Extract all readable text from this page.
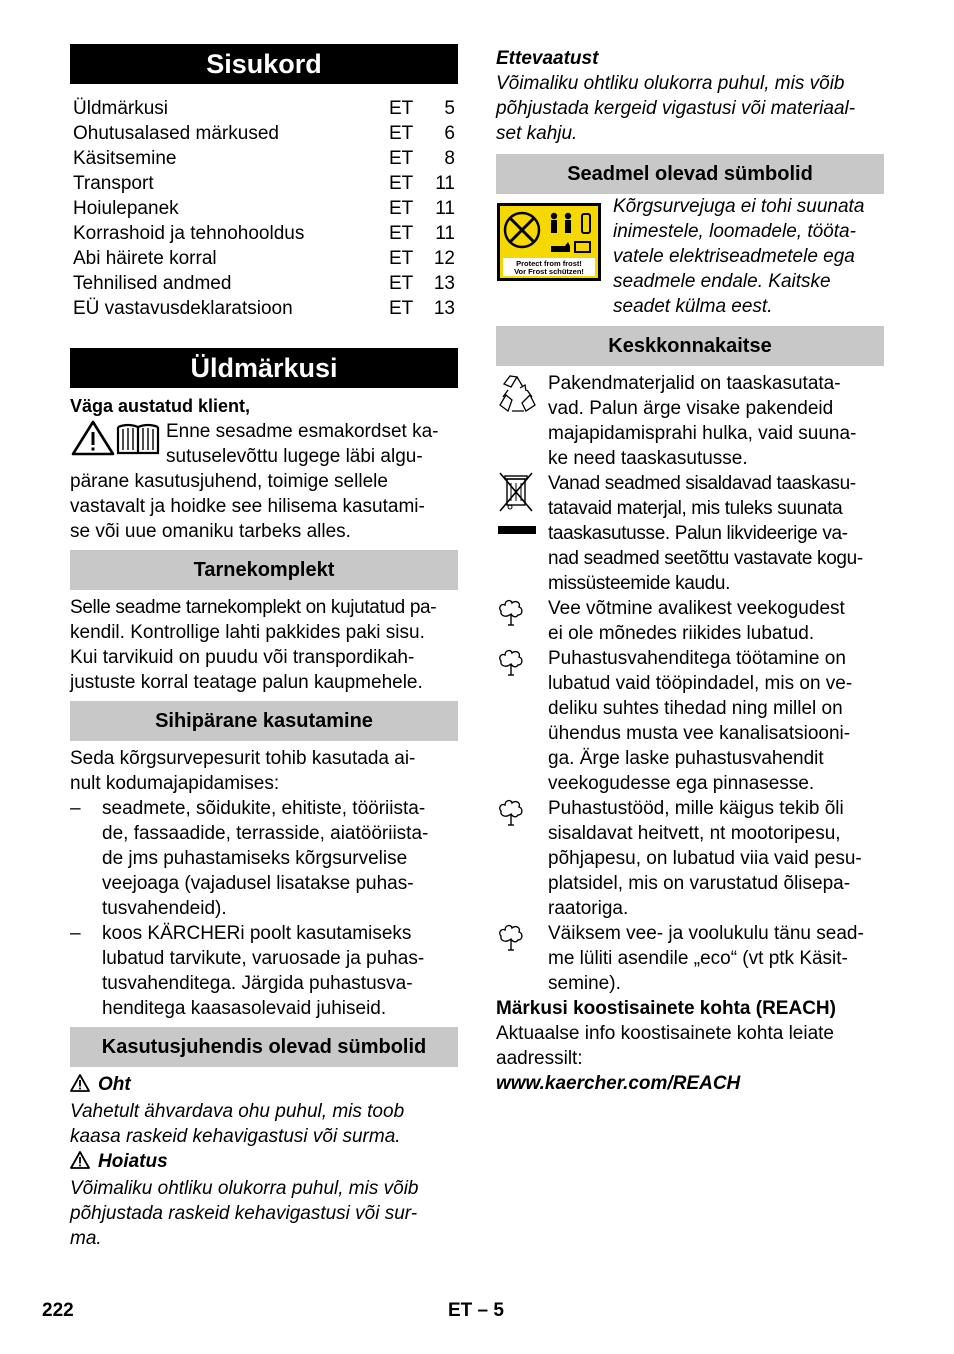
Sisukord
Üldmärkusi	ET	5
Ohutusalased märkused	ET	6
Käsitsemine	ET	8
Transport	ET	11
Hoiulepanek	ET	11
Korrashoid ja tehnohooldus	ET	11
Abi häirete korral	ET	12
Tehnilised andmed	ET	13
EÜ vastavusdeklaratsioon	ET	13
Üldmärkusi

Väga austatud klient,

Enne sesadme esmakordset ka-

sutuselevõttu lugege läbi algu-

pärane kasutusjuhend, toimige sellele

vastavalt ja hoidke see hilisema kasutami-

se või uue omaniku tarbeks alles.

Tarnekomplekt

Selle seadme tarnekomplekt on kujutatud pa-

kendil. Kontrollige lahti pakkides paki sisu.

Kui tarvikuid on puudu või transpordikah-

justuste korral teatage palun kaupmehele.

Sihipärane kasutamine

Seda kõrgsurvepesurit tohib kasutada ai-

nult kodumajapidamises:

–	seadmete, sõidukite, ehitiste, tööriista-

de, fassaadide, terrasside, aiatööriista-

de jms puhastamiseks kõrgsurvelise

veejoaga (vajadusel lisatakse puhas-

tusvahendeid).

–	koos KÄRCHERi poolt kasutamiseks

lubatud tarvikute, varuosade ja puhas-

tusvahenditega. Järgida puhastusva-

henditega kaasasolevaid juhiseid.

Kasutusjuhendis olevad sümbolid

Oht

Vahetult ähvardava ohu puhul, mis toob

kaasa raskeid kehavigastusi või surma.

Hoiatus

Võimaliku ohtliku olukorra puhul, mis võib

põhjustada raskeid kehavigastusi või sur-

ma.

Ettevaatust

Võimaliku ohtliku olukorra puhul, mis võib

põhjustada kergeid vigastusi või materiaal-

set kahju.

Seadmel olevad sümbolid
Protect from frost!
Vor Frost schützen!

Kõrgsurvejuga ei tohi suunata

inimestele, loomadele, tööta-

vatele elektriseadmetele ega

seadmele endale. Kaitske

seadet külma eest.

Keskkonnakaitse

Pakendmaterjalid on taaskasutata-

vad. Palun ärge visake pakendeid

majapidamisprahi hulka, vaid suuna-

ke need taaskasutusse.

Vanad seadmed sisaldavad taaskasu-

tatavaid materjal, mis tuleks suunata

taaskasutusse. Palun likvideerige va-

nad seadmed seetõttu vastavate kogu-

missüsteemide kaudu.

Vee võtmine avalikest veekogudest

ei ole mõnedes riikides lubatud.

Puhastusvahenditega töötamine on

lubatud vaid tööpindadel, mis on ve-

deliku suhtes tihedad ning millel on

ühendus musta vee kanalisatsiooni-

ga. Ärge laske puhastusvahendit

veekogudesse ega pinnasesse.

Puhastustööd, mille käigus tekib õli

sisaldavat heitvett, nt mootoripesu,

põhjapesu, on lubatud viia vaid pesu-

platsidel, mis on varustatud õlisepa-

raatoriga.

Väiksem vee- ja voolukulu tänu sead-

me lüliti asendile „eco“ (vt ptk Käsit-

semine).

Märkusi koostisainete kohta (REACH)

Aktuaalse info koostisainete kohta leiate

aadressilt:

www.kaercher.com/REACH

222	ET – 5
